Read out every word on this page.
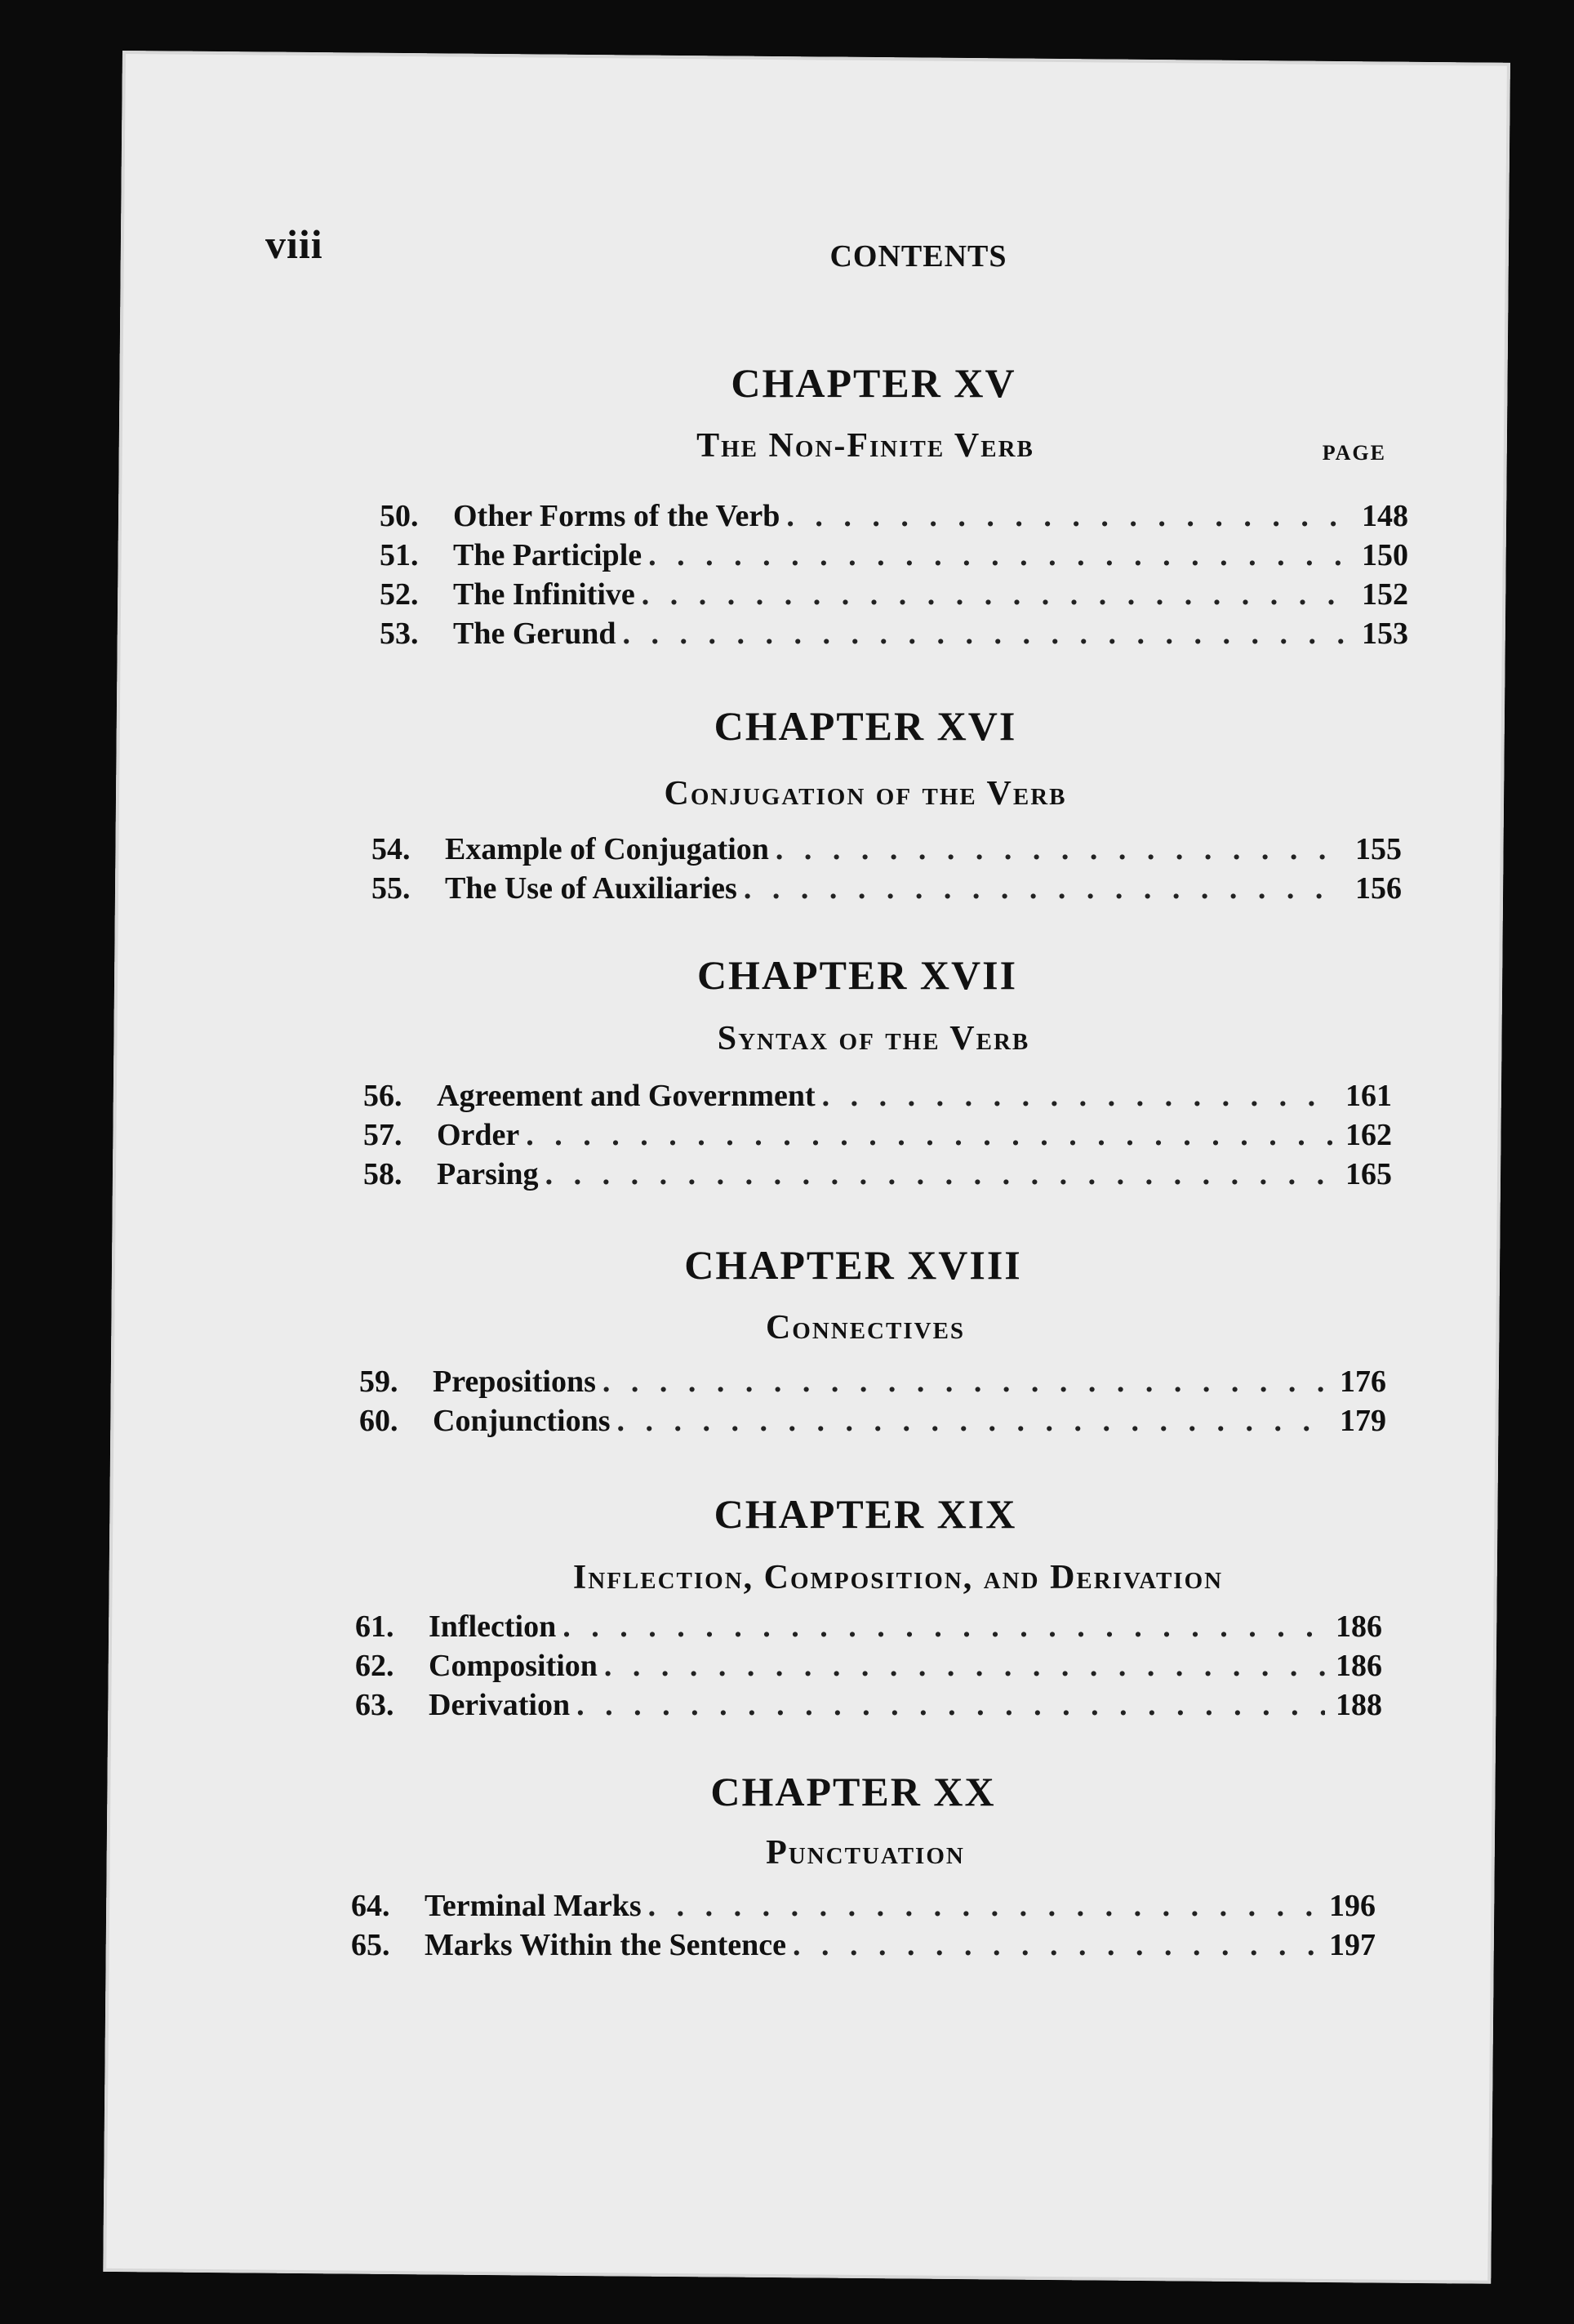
viii	CONTENTS
PAGE
CHAPTER XV
The Non-Finite Verb
50.	Other Forms of the Verb . . .	148
51.	The Participle . . .	150
52.	The Infinitive . . .	152
53.	The Gerund . . .	153
CHAPTER XVI
Conjugation of the Verb
54.	Example of Conjugation . . .	155
55.	The Use of Auxiliaries . . .	156
CHAPTER XVII
Syntax of the Verb
56.	Agreement and Government . . .	161
57.	Order . . .	162
58.	Parsing . . .	165
CHAPTER XVIII
Connectives
59.	Prepositions . . .	176
60.	Conjunctions . . .	179
CHAPTER XIX
Inflection, Composition, and Derivation
61.	Inflection . . .	186
62.	Composition . . .	186
63.	Derivation . . .	188
CHAPTER XX
Punctuation
64.	Terminal Marks . . .	196
65.	Marks Within the Sentence . . .	197
